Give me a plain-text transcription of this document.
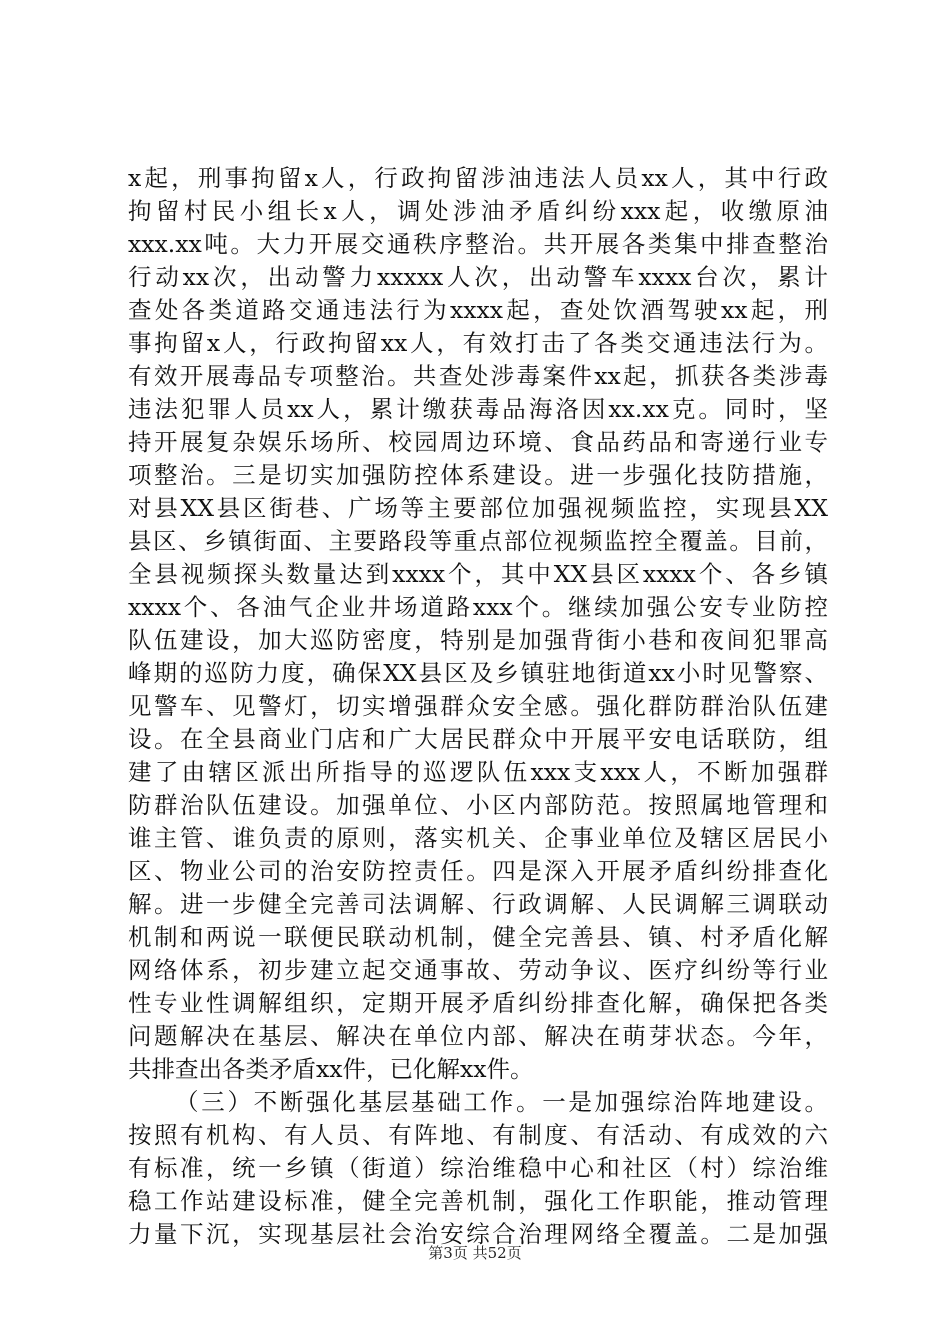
x起，刑事拘留x人，行政拘留涉油违法人员xx人，其中行政
拘留村民小组长x人，调处涉油矛盾纠纷xxx起，收缴原油
xxx.xx吨。大力开展交通秩序整治。共开展各类集中排查整治
行动xx次，出动警力xxxxx人次，出动警车xxxx台次，累计
查处各类道路交通违法行为xxxx起，查处饮酒驾驶xx起，刑
事拘留x人，行政拘留xx人，有效打击了各类交通违法行为。
有效开展毒品专项整治。共查处涉毒案件xx起，抓获各类涉毒
违法犯罪人员xx人，累计缴获毒品海洛因xx.xx克。同时，坚
持开展复杂娱乐场所、校园周边环境、食品药品和寄递行业专
项整治。三是切实加强防控体系建设。进一步强化技防措施，
对县XX县区街巷、广场等主要部位加强视频监控，实现县XX
县区、乡镇街面、主要路段等重点部位视频监控全覆盖。目前，
全县视频探头数量达到xxxx个，其中XX县区xxxx个、各乡镇
xxxx个、各油气企业井场道路xxx个。继续加强公安专业防控
队伍建设，加大巡防密度，特别是加强背街小巷和夜间犯罪高
峰期的巡防力度，确保XX县区及乡镇驻地街道xx小时见警察、
见警车、见警灯，切实增强群众安全感。强化群防群治队伍建
设。在全县商业门店和广大居民群众中开展平安电话联防，组
建了由辖区派出所指导的巡逻队伍xxx支xxx人，不断加强群
防群治队伍建设。加强单位、小区内部防范。按照属地管理和
谁主管、谁负责的原则，落实机关、企事业单位及辖区居民小
区、物业公司的治安防控责任。四是深入开展矛盾纠纷排查化
解。进一步健全完善司法调解、行政调解、人民调解三调联动
机制和两说一联便民联动机制，健全完善县、镇、村矛盾化解
网络体系，初步建立起交通事故、劳动争议、医疗纠纷等行业
性专业性调解组织，定期开展矛盾纠纷排查化解，确保把各类
问题解决在基层、解决在单位内部、解决在萌芽状态。今年，
共排查出各类矛盾xx件，已化解xx件。
（三）不断强化基层基础工作。一是加强综治阵地建设。
按照有机构、有人员、有阵地、有制度、有活动、有成效的六
有标准，统一乡镇（街道）综治维稳中心和社区（村）综治维
稳工作站建设标准，健全完善机制，强化工作职能，推动管理
力量下沉，实现基层社会治安综合治理网络全覆盖。二是加强
第3页 共52页
